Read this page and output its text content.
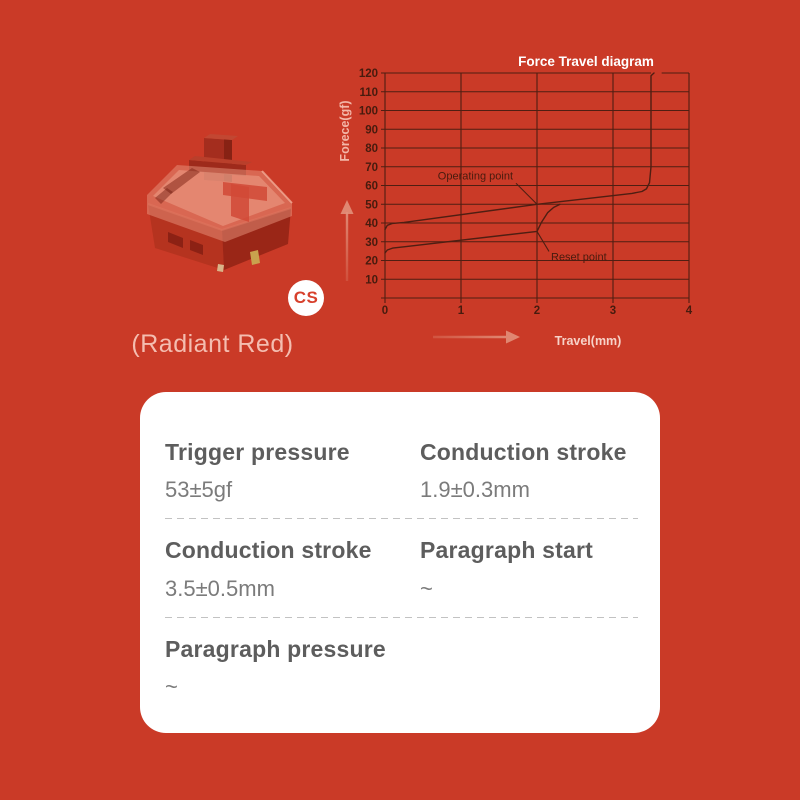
CS
(Radiant Red)
10
20
30
40
50
60
70
80
90
100
110
120
0	1	2	3	4
Operating point
Reset point
Force Travel diagram
Forece(gf)
Travel(mm)
Trigger pressure
53±5gf
Conduction stroke
1.9±0.3mm
Conduction stroke
3.5±0.5mm
Paragraph start
~
Paragraph pressure
~
